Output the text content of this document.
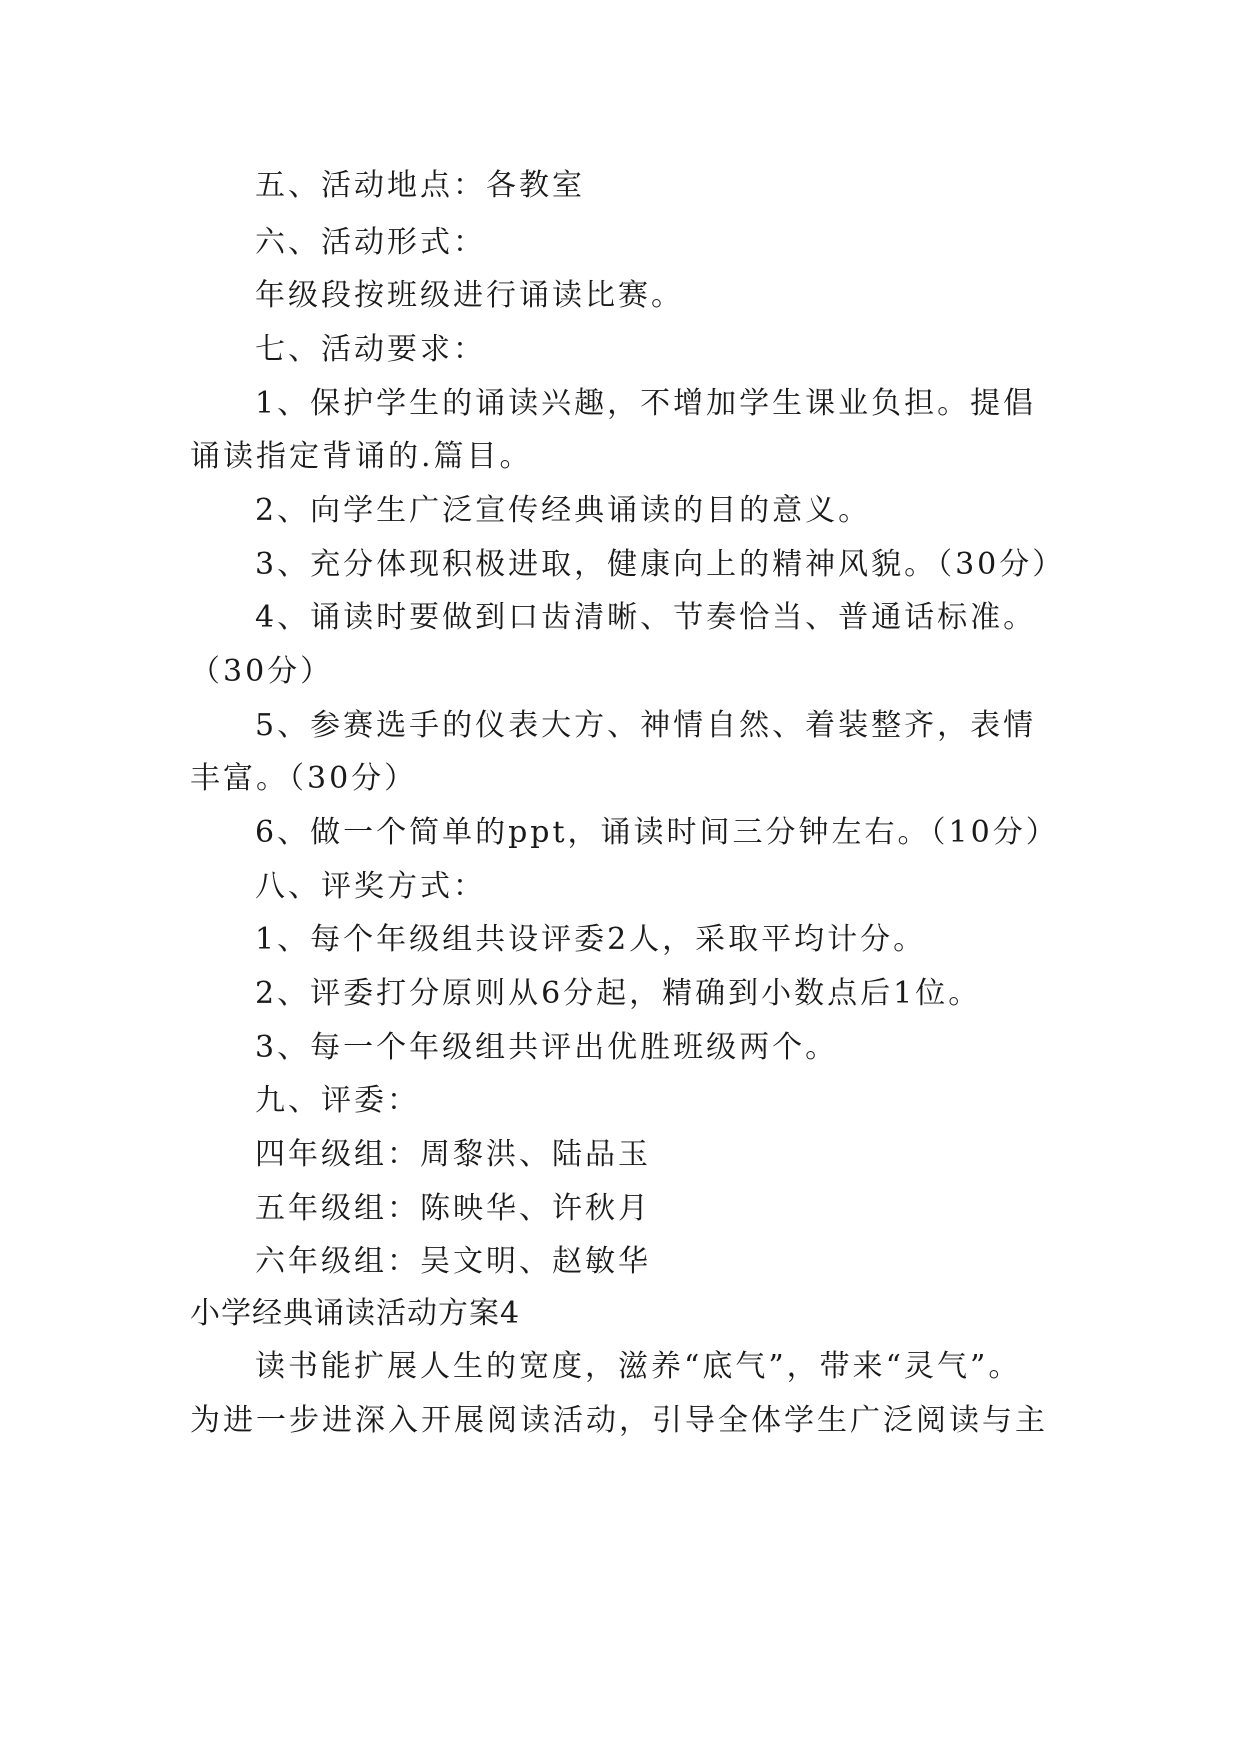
五、活动地点：各教室
六、活动形式：
年级段按班级进行诵读比赛。
七、活动要求：
1、保护学生的诵读兴趣，不增加学生课业负担。提倡
诵读指定背诵的.篇目。
2、向学生广泛宣传经典诵读的目的意义。
3、充分体现积极进取，健康向上的精神风貌。（30分）
4、诵读时要做到口齿清晰、节奏恰当、普通话标准。
（30分）
5、参赛选手的仪表大方、神情自然、着装整齐，表情
丰富。（30分）
6、做一个简单的ppt，诵读时间三分钟左右。（10分）
八、评奖方式：
1、每个年级组共设评委2人，采取平均计分。
2、评委打分原则从6分起，精确到小数点后1位。
3、每一个年级组共评出优胜班级两个。
九、评委：
四年级组：周黎洪、陆品玉
五年级组：陈映华、许秋月
六年级组：吴文明、赵敏华
小学经典诵读活动方案4
读书能扩展人生的宽度，滋养“底气”，带来“灵气”。
为进一步进深入开展阅读活动，引导全体学生广泛阅读与主
